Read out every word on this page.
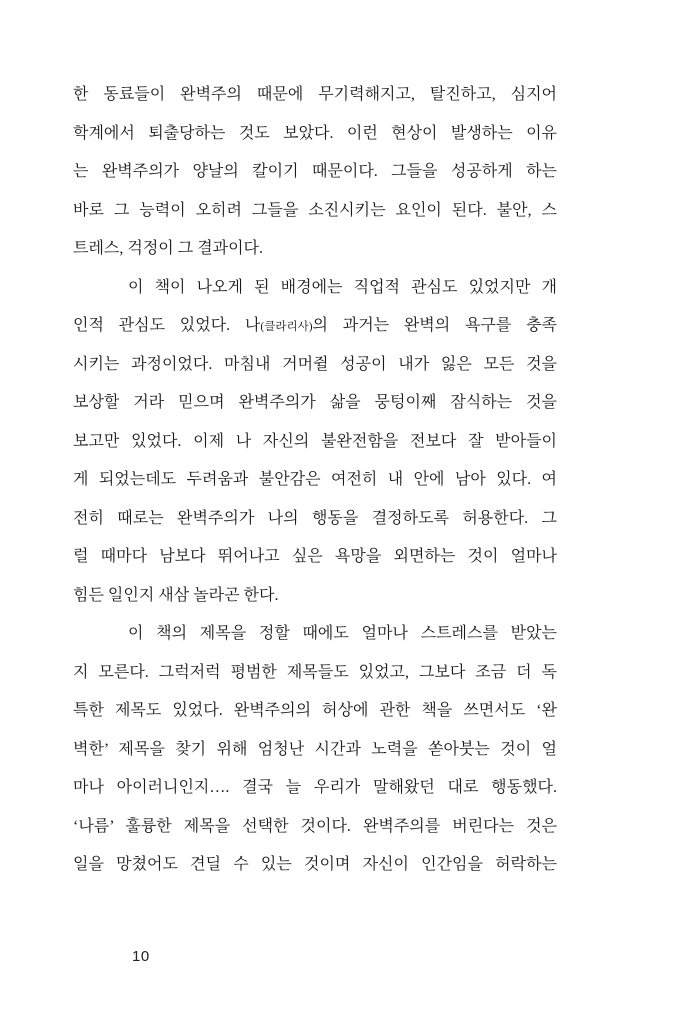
한 동료들이 완벽주의 때문에 무기력해지고, 탈진하고, 심지어
학계에서 퇴출당하는 것도 보았다. 이런 현상이 발생하는 이유
는 완벽주의가 양날의 칼이기 때문이다. 그들을 성공하게 하는
바로 그 능력이 오히려 그들을 소진시키는 요인이 된다. 불안, 스
트레스, 걱정이 그 결과이다.
이 책이 나오게 된 배경에는 직업적 관심도 있었지만 개
인적 관심도 있었다. 나(클라리사)의 과거는 완벽의 욕구를 충족
시키는 과정이었다. 마침내 거머쥘 성공이 내가 잃은 모든 것을
보상할 거라 믿으며 완벽주의가 삶을 뭉텅이째 잠식하는 것을
보고만 있었다. 이제 나 자신의 불완전함을 전보다 잘 받아들이
게 되었는데도 두려움과 불안감은 여전히 내 안에 남아 있다. 여
전히 때로는 완벽주의가 나의 행동을 결정하도록 허용한다. 그
럴 때마다 남보다 뛰어나고 싶은 욕망을 외면하는 것이 얼마나
힘든 일인지 새삼 놀라곤 한다.
이 책의 제목을 정할 때에도 얼마나 스트레스를 받았는
지 모른다. 그럭저럭 평범한 제목들도 있었고, 그보다 조금 더 독
특한 제목도 있었다. 완벽주의의 허상에 관한 책을 쓰면서도 ‘완
벽한’ 제목을 찾기 위해 엄청난 시간과 노력을 쏟아붓는 것이 얼
마나 아이러니인지…. 결국 늘 우리가 말해왔던 대로 행동했다.
‘나름’ 훌륭한 제목을 선택한 것이다. 완벽주의를 버린다는 것은
일을 망쳤어도 견딜 수 있는 것이며 자신이 인간임을 허락하는
10
